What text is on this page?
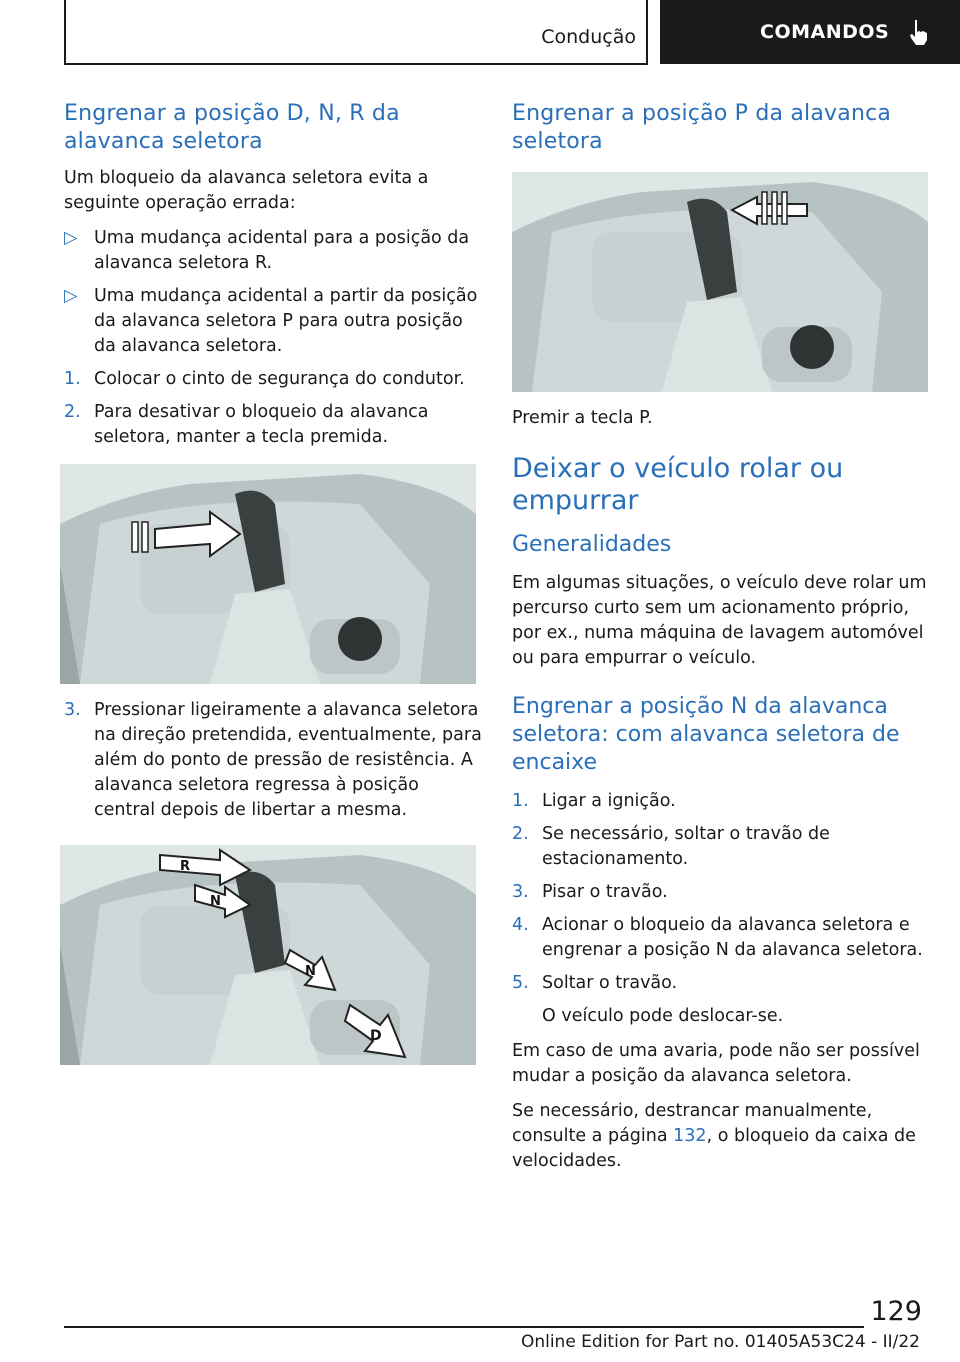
Condução	COMANDOS
Engrenar a posição D, N, R da alavanca seletora

Um bloqueio da alavanca seletora evita a seguinte operação errada:

▷ Uma mudança acidental para a posição da alavanca seletora R.
▷ Uma mudança acidental a partir da posição da alavanca seletora P para outra posição da alavanca seletora.
1. Colocar o cinto de segurança do condutor.
2. Para desativar o bloqueio da alavanca seletora, manter a tecla premida.
3. Pressionar ligeiramente a alavanca seletora na direção pretendida, eventualmente, para além do ponto de pressão de resistência. A alavanca seletora regressa à posição central depois de libertar a mesma.
R
N
N
D
Engrenar a posição P da alavanca seletora

Premir a tecla P.

Deixar o veículo rolar ou empurrar
Generalidades

Em algumas situações, o veículo deve rolar um percurso curto sem um acionamento próprio, por ex., numa máquina de lavagem automóvel ou para empurrar o veículo.

Engrenar a posição N da alavanca seletora: com alavanca seletora de encaixe
1. Ligar a ignição.
2. Se necessário, soltar o travão de estacionamento.
3. Pisar o travão.
4. Acionar o bloqueio da alavanca seletora e engrenar a posição N da alavanca seletora.
5. Soltar o travão.

O veículo pode deslocar-se.

Em caso de uma avaria, pode não ser possível mudar a posição da alavanca seletora.

Se necessário, destrancar manualmente, consulte a página 132, o bloqueio da caixa de velocidades.

129
Online Edition for Part no. 01405A53C24 - II/22
